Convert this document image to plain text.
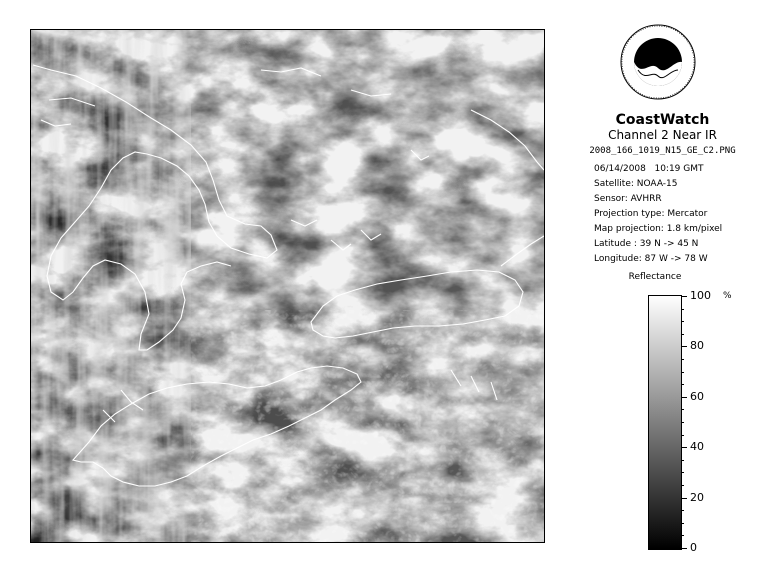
CoastWatch
Channel 2 Near IR
2008_166_1019_N15_GE_C2.PNG
06/14/2008 10:19 GMT
Satellite: NOAA-15
Sensor: AVHRR
Projection type: Mercator
Map projection: 1.8 km/pixel
Latitude : 39 N -> 45 N
Longitude: 87 W -> 78 W
Reflectance
%
100
80
60
40
20
0
